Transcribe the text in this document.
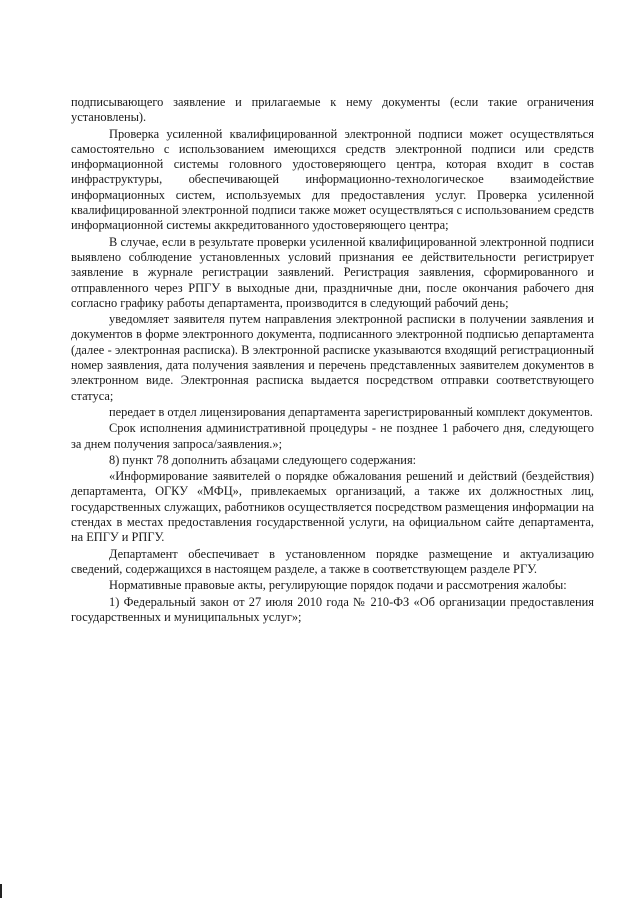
подписывающего заявление и прилагаемые к нему документы (если такие ограничения установлены).

Проверка усиленной квалифицированной электронной подписи может осуществляться самостоятельно с использованием имеющихся средств электронной подписи или средств информационной системы головного удостоверяющего центра, которая входит в состав инфраструктуры, обеспечивающей информационно-технологическое взаимодействие информационных систем, используемых для предоставления услуг. Проверка усиленной квалифицированной электронной подписи также может осуществляться с использованием средств информационной системы аккредитованного удостоверяющего центра;

В случае, если в результате проверки усиленной квалифицированной электронной подписи выявлено соблюдение установленных условий признания ее действительности регистрирует заявление в журнале регистрации заявлений. Регистрация заявления, сформированного и отправленного через РПГУ в выходные дни, праздничные дни, после окончания рабочего дня согласно графику работы департамента, производится в следующий рабочий день;

уведомляет заявителя путем направления электронной расписки в получении заявления и документов в форме электронного документа, подписанного электронной подписью департамента (далее - электронная расписка). В электронной расписке указываются входящий регистрационный номер заявления, дата получения заявления и перечень представленных заявителем документов в электронном виде. Электронная расписка выдается посредством отправки соответствующего статуса;

передает в отдел лицензирования департамента зарегистрированный комплект документов.

Срок исполнения административной процедуры - не позднее 1 рабочего дня, следующего за днем получения запроса/заявления.»;

8) пункт 78 дополнить абзацами следующего содержания:

«Информирование заявителей о порядке обжалования решений и действий (бездействия) департамента, ОГКУ «МФЦ», привлекаемых организаций, а также их должностных лиц, государственных служащих, работников осуществляется посредством размещения информации на стендах в местах предоставления государственной услуги, на официальном сайте департамента, на ЕПГУ и РПГУ.

Департамент обеспечивает в установленном порядке размещение и актуализацию сведений, содержащихся в настоящем разделе, а также в соответствующем разделе РГУ.

Нормативные правовые акты, регулирующие порядок подачи и рассмотрения жалобы:

1) Федеральный закон от 27 июля 2010 года № 210-ФЗ «Об организации предоставления государственных и муниципальных услуг»;
